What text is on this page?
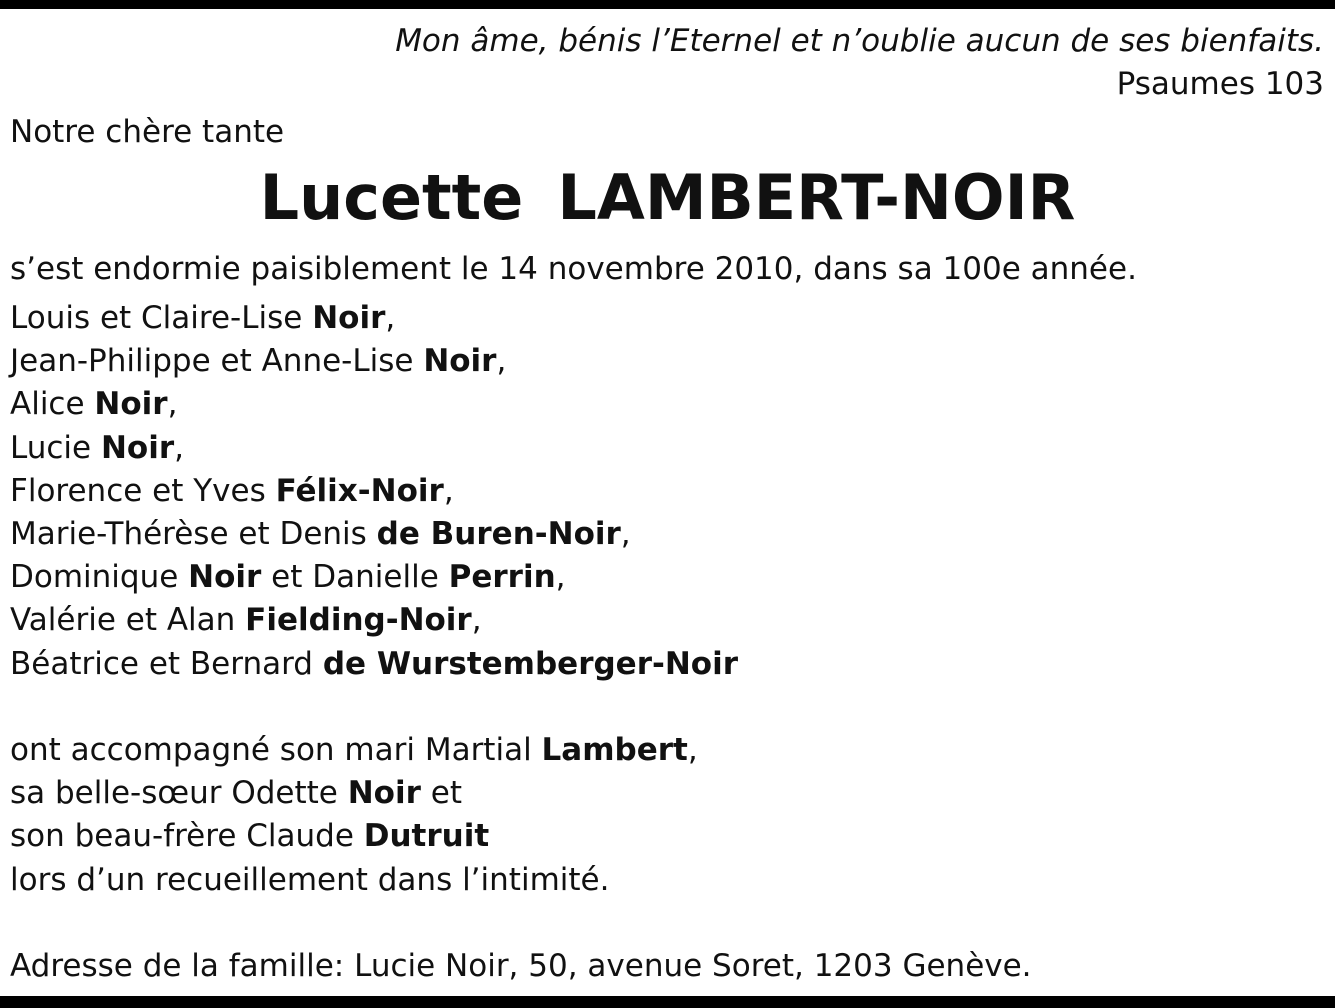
Mon âme, bénis l’Eternel et n’oublie aucun de ses bienfaits.
Psaumes 103
Notre chère tante
Lucette LAMBERT-NOIR
s’est endormie paisiblement le 14 novembre 2010, dans sa 100e année.
Louis et Claire-Lise Noir,
Jean-Philippe et Anne-Lise Noir,
Alice Noir,
Lucie Noir,
Florence et Yves Félix-Noir,
Marie-Thérèse et Denis de Buren-Noir,
Dominique Noir et Danielle Perrin,
Valérie et Alan Fielding-Noir,
Béatrice et Bernard de Wurstemberger-Noir
ont accompagné son mari Martial Lambert,
sa belle-sœur Odette Noir et
son beau-frère Claude Dutruit
lors d’un recueillement dans l’intimité.
Adresse de la famille: Lucie Noir, 50, avenue Soret, 1203 Genève.
